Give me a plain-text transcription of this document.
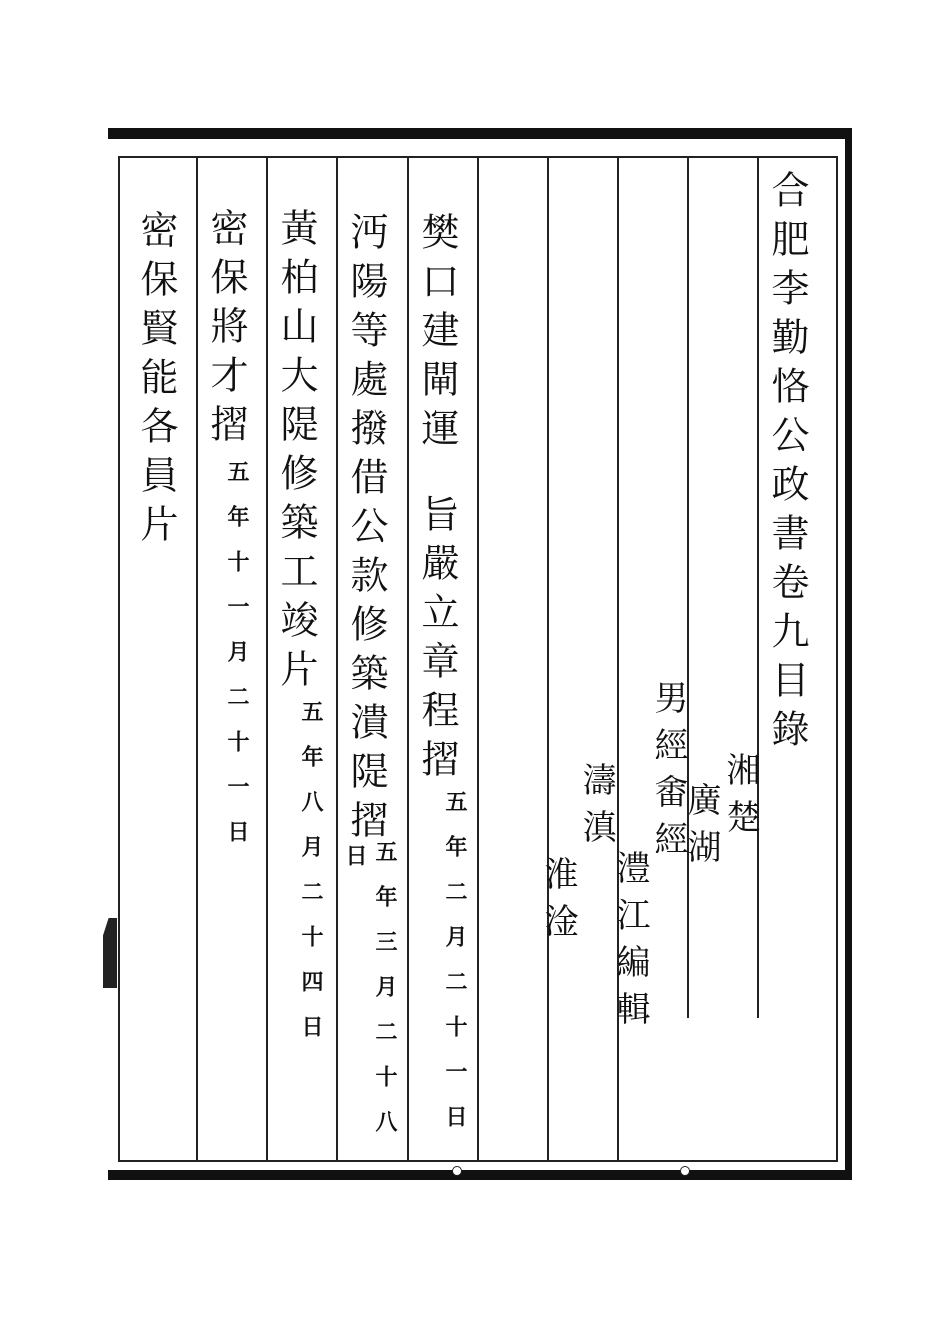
合肥李勤恪公政書卷九目錄
湘楚
廣湖
男經畬經
澧江編輯
濤滇
淮淦
樊口建閘運
旨嚴立章程摺
五年二月二十一日
沔陽等處撥借公款修築潰隄摺
五年三月二十八
日
黃柏山大隄修築工竣片
五年八月二十四日
密保將才摺
五年十一月二十一日
密保賢能各員片
